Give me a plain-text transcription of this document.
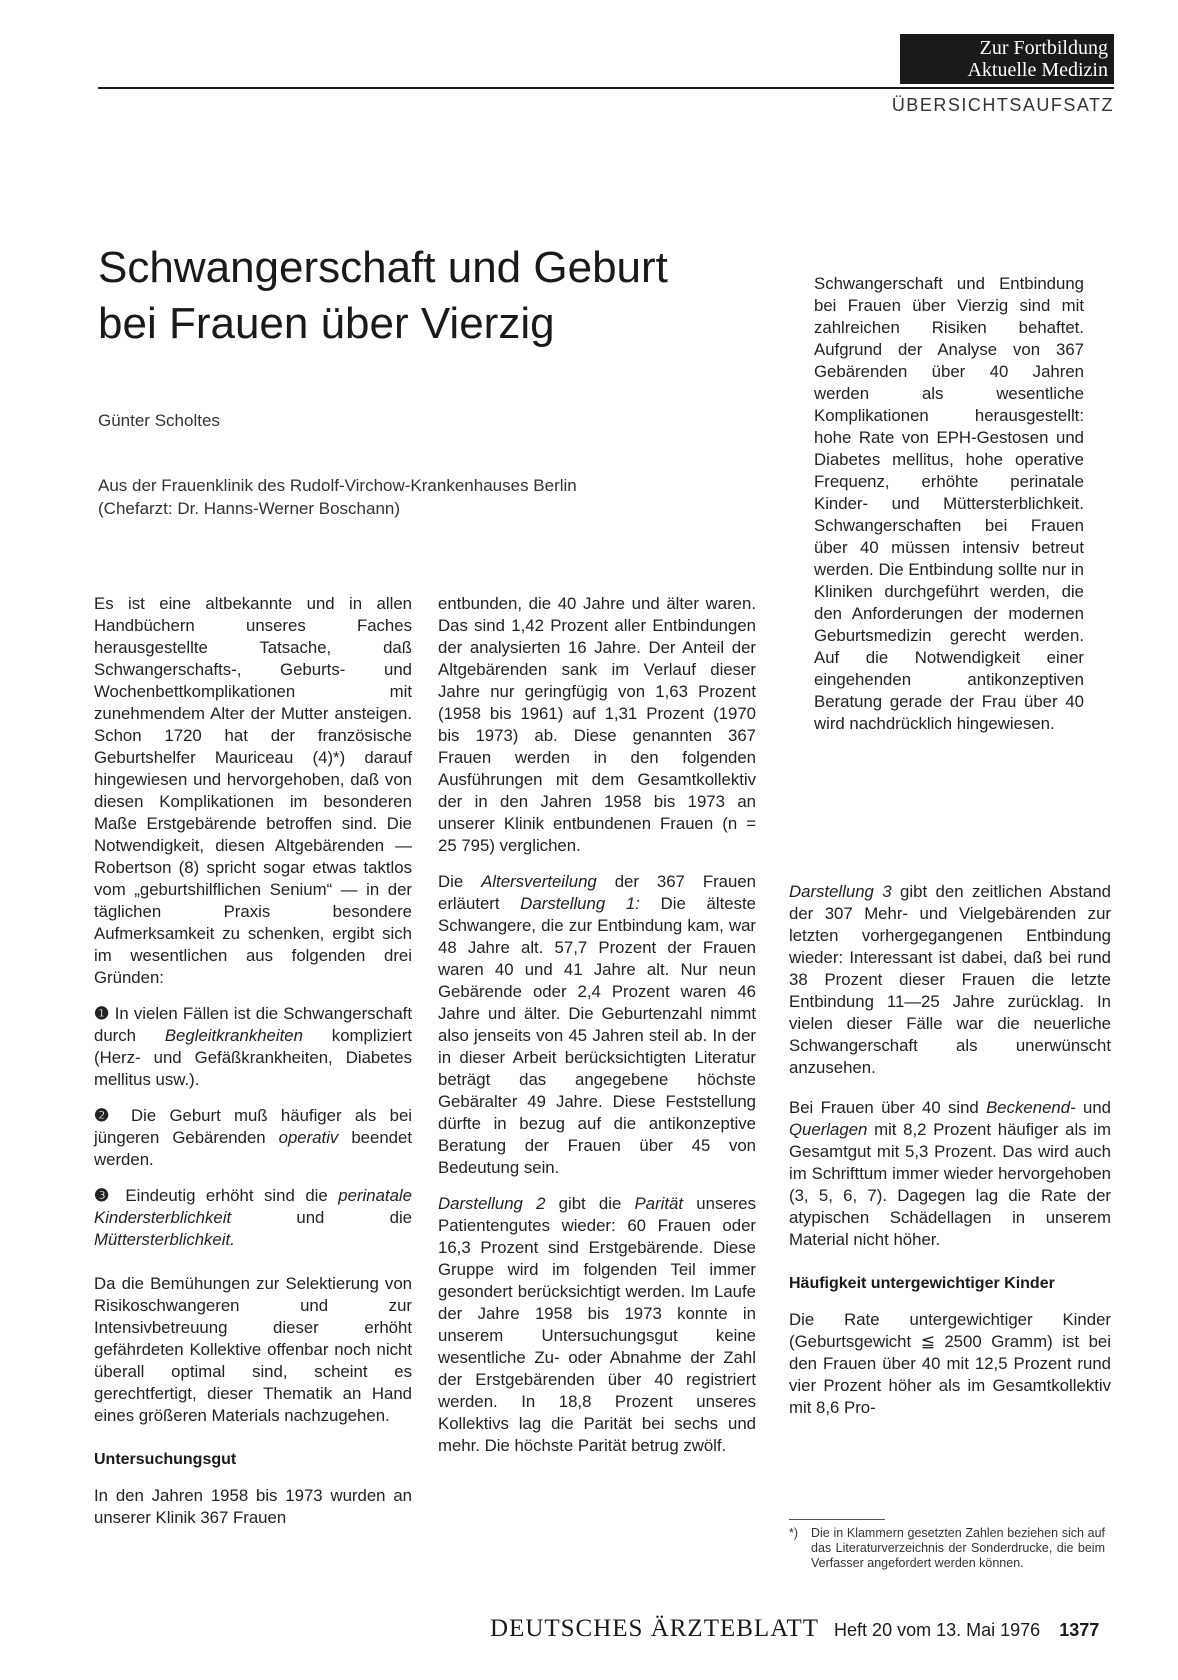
Zur Fortbildung
Aktuelle Medizin
ÜBERSICHTSAUFSATZ
Schwangerschaft und Geburt
bei Frauen über Vierzig
Günter Scholtes
Aus der Frauenklinik des Rudolf-Virchow-Krankenhauses Berlin
(Chefarzt: Dr. Hanns-Werner Boschann)
Schwangerschaft und Entbindung bei Frauen über Vierzig sind mit zahlreichen Risiken behaftet. Aufgrund der Analyse von 367 Gebärenden über 40 Jahren werden als wesentliche Komplikationen herausgestellt: hohe Rate von EPH-Gestosen und Diabetes mellitus, hohe operative Frequenz, erhöhte perinatale Kinder- und Müttersterblichkeit. Schwangerschaften bei Frauen über 40 müssen intensiv betreut werden. Die Entbindung sollte nur in Kliniken durchgeführt werden, die den Anforderungen der modernen Geburtsmedizin gerecht werden. Auf die Notwendigkeit einer eingehenden antikonzeptiven Beratung gerade der Frau über 40 wird nachdrücklich hingewiesen.

Es ist eine altbekannte und in allen Handbüchern unseres Faches herausgestellte Tatsache, daß Schwangerschafts-, Geburts- und Wochenbettkomplikationen mit zunehmendem Alter der Mutter ansteigen. Schon 1720 hat der französische Geburtshelfer Mauriceau (4)*) darauf hingewiesen und hervorgehoben, daß von diesen Komplikationen im besonderen Maße Erstgebärende betroffen sind. Die Notwendigkeit, diesen Altgebärenden — Robertson (8) spricht sogar etwas taktlos vom „geburtshilflichen Senium“ — in der täglichen Praxis besondere Aufmerksamkeit zu schenken, ergibt sich im wesentlichen aus folgenden drei Gründen:

❶ In vielen Fällen ist die Schwangerschaft durch Begleitkrankheiten kompliziert (Herz- und Gefäßkrankheiten, Diabetes mellitus usw.).

❷ Die Geburt muß häufiger als bei jüngeren Gebärenden operativ beendet werden.

❸ Eindeutig erhöht sind die perinatale Kindersterblichkeit und die Müttersterblichkeit.

Da die Bemühungen zur Selektierung von Risikoschwangeren und zur Intensivbetreuung dieser erhöht gefährdeten Kollektive offenbar noch nicht überall optimal sind, scheint es gerechtfertigt, dieser Thematik an Hand eines größeren Materials nachzugehen.

Untersuchungsgut

In den Jahren 1958 bis 1973 wurden an unserer Klinik 367 Frauen

entbunden, die 40 Jahre und älter waren. Das sind 1,42 Prozent aller Entbindungen der analysierten 16 Jahre. Der Anteil der Altgebärenden sank im Verlauf dieser Jahre nur geringfügig von 1,63 Prozent (1958 bis 1961) auf 1,31 Prozent (1970 bis 1973) ab. Diese genannten 367 Frauen werden in den folgenden Ausführungen mit dem Gesamtkollektiv der in den Jahren 1958 bis 1973 an unserer Klinik entbundenen Frauen (n = 25 795) verglichen.

Die Altersverteilung der 367 Frauen erläutert Darstellung 1: Die älteste Schwangere, die zur Entbindung kam, war 48 Jahre alt. 57,7 Prozent der Frauen waren 40 und 41 Jahre alt. Nur neun Gebärende oder 2,4 Prozent waren 46 Jahre und älter. Die Geburtenzahl nimmt also jenseits von 45 Jahren steil ab. In der in dieser Arbeit berücksichtigten Literatur beträgt das angegebene höchste Gebäralter 49 Jahre. Diese Feststellung dürfte in bezug auf die antikonzeptive Beratung der Frauen über 45 von Bedeutung sein.

Darstellung 2 gibt die Parität unseres Patientengutes wieder: 60 Frauen oder 16,3 Prozent sind Erstgebärende. Diese Gruppe wird im folgenden Teil immer gesondert berücksichtigt werden. Im Laufe der Jahre 1958 bis 1973 konnte in unserem Untersuchungsgut keine wesentliche Zu- oder Abnahme der Zahl der Erstgebärenden über 40 registriert werden. In 18,8 Prozent unseres Kollektivs lag die Parität bei sechs und mehr. Die höchste Parität betrug zwölf.

Darstellung 3 gibt den zeitlichen Abstand der 307 Mehr- und Vielgebärenden zur letzten vorhergegangenen Entbindung wieder: Interessant ist dabei, daß bei rund 38 Prozent dieser Frauen die letzte Entbindung 11—25 Jahre zurücklag. In vielen dieser Fälle war die neuerliche Schwangerschaft als unerwünscht anzusehen.

Bei Frauen über 40 sind Beckenend- und Querlagen mit 8,2 Prozent häufiger als im Gesamtgut mit 5,3 Prozent. Das wird auch im Schrifttum immer wieder hervorgehoben (3, 5, 6, 7). Dagegen lag die Rate der atypischen Schädellagen in unserem Material nicht höher.

Häufigkeit untergewichtiger Kinder

Die Rate untergewichtiger Kinder (Geburtsgewicht ≦ 2500 Gramm) ist bei den Frauen über 40 mit 12,5 Prozent rund vier Prozent höher als im Gesamtkollektiv mit 8,6 Pro-

*) Die in Klammern gesetzten Zahlen beziehen sich auf das Literaturverzeichnis der Sonderdrucke, die beim Verfasser angefordert werden können.
DEUTSCHES ÄRZTEBLATT Heft 20 vom 13. Mai 1976 1377
